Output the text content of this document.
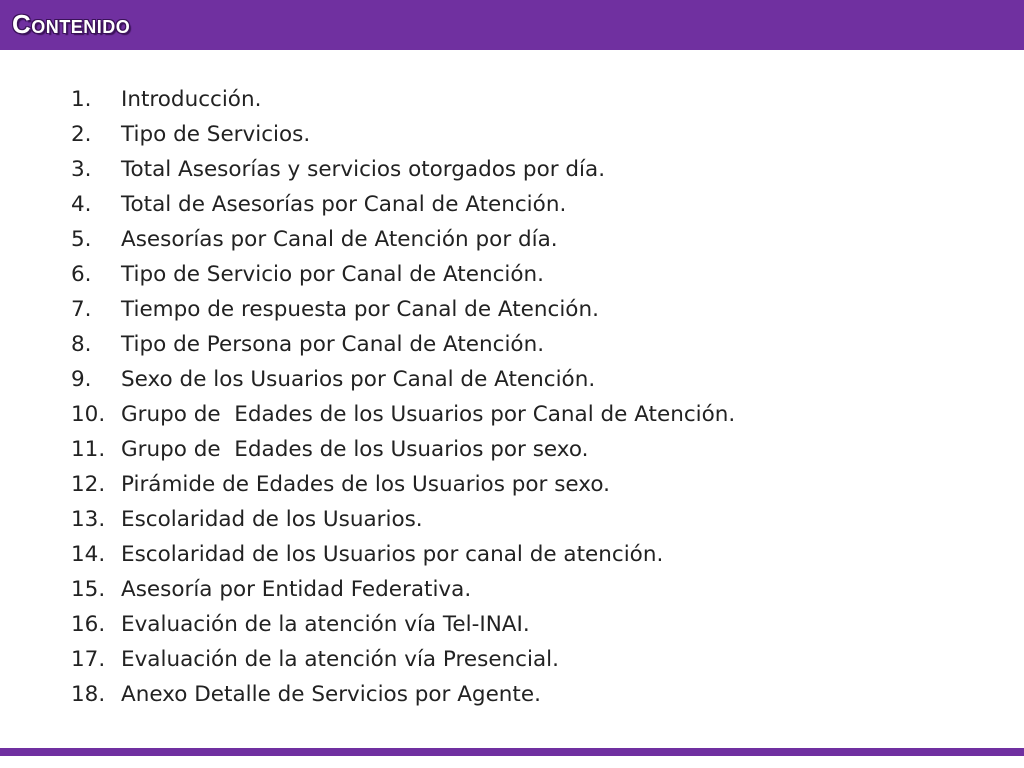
Contenido
1. Introducción.
2. Tipo de Servicios.
3. Total Asesorías y servicios otorgados por día.
4. Total de Asesorías por Canal de Atención.
5. Asesorías por Canal de Atención por día.
6. Tipo de Servicio por Canal de Atención.
7. Tiempo de respuesta por Canal de Atención.
8. Tipo de Persona por Canal de Atención.
9. Sexo de los Usuarios por Canal de Atención.
10. Grupo de  Edades de los Usuarios por Canal de Atención.
11. Grupo de  Edades de los Usuarios por sexo.
12. Pirámide de Edades de los Usuarios por sexo.
13. Escolaridad de los Usuarios.
14. Escolaridad de los Usuarios por canal de atención.
15. Asesoría por Entidad Federativa.
16. Evaluación de la atención vía Tel-INAI.
17. Evaluación de la atención vía Presencial.
18. Anexo Detalle de Servicios por Agente.
